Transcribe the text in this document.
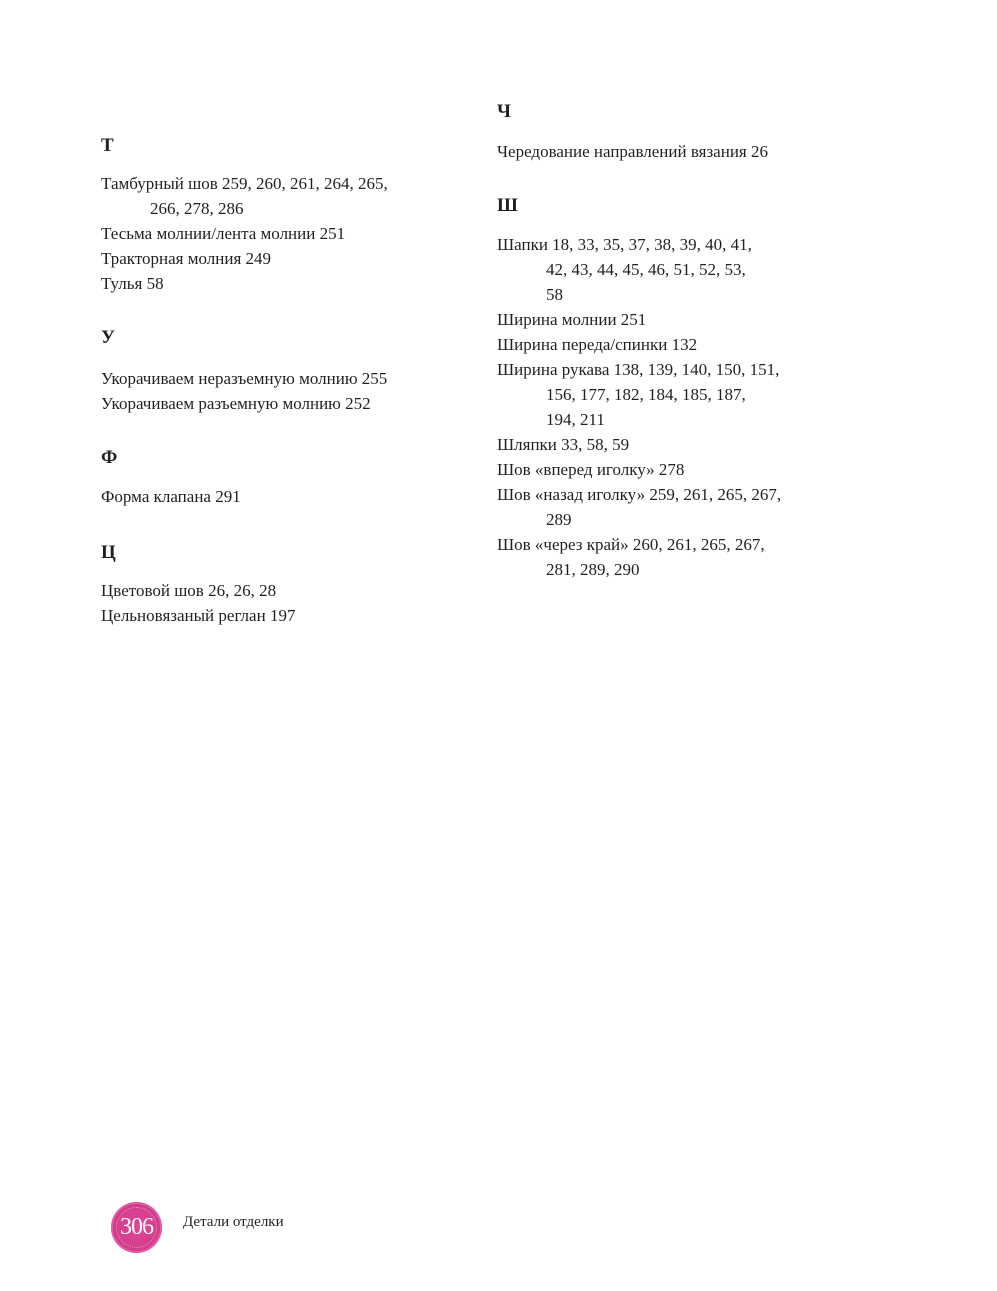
Т
Тамбурный шов 259, 260, 261, 264, 265,
266, 278, 286
Тесьма молнии/лента молнии 251
Тракторная молния 249
Тулья 58
У
Укорачиваем неразъемную молнию 255
Укорачиваем разъемную молнию 252
Ф
Форма клапана 291
Ц
Цветовой шов 26, 26, 28
Цельновязаный реглан 197
Ч
Чередование направлений вязания 26
Ш
Шапки 18, 33, 35, 37, 38, 39, 40, 41,
42, 43, 44, 45, 46, 51, 52, 53,
58
Ширина молнии 251
Ширина переда/спинки 132
Ширина рукава 138, 139, 140, 150, 151,
156, 177, 182, 184, 185, 187,
194, 211
Шляпки 33, 58, 59
Шов «вперед иголку» 278
Шов «назад иголку» 259, 261, 265, 267,
289
Шов «через край» 260, 261, 265, 267,
281, 289, 290
306 Детали отделки
